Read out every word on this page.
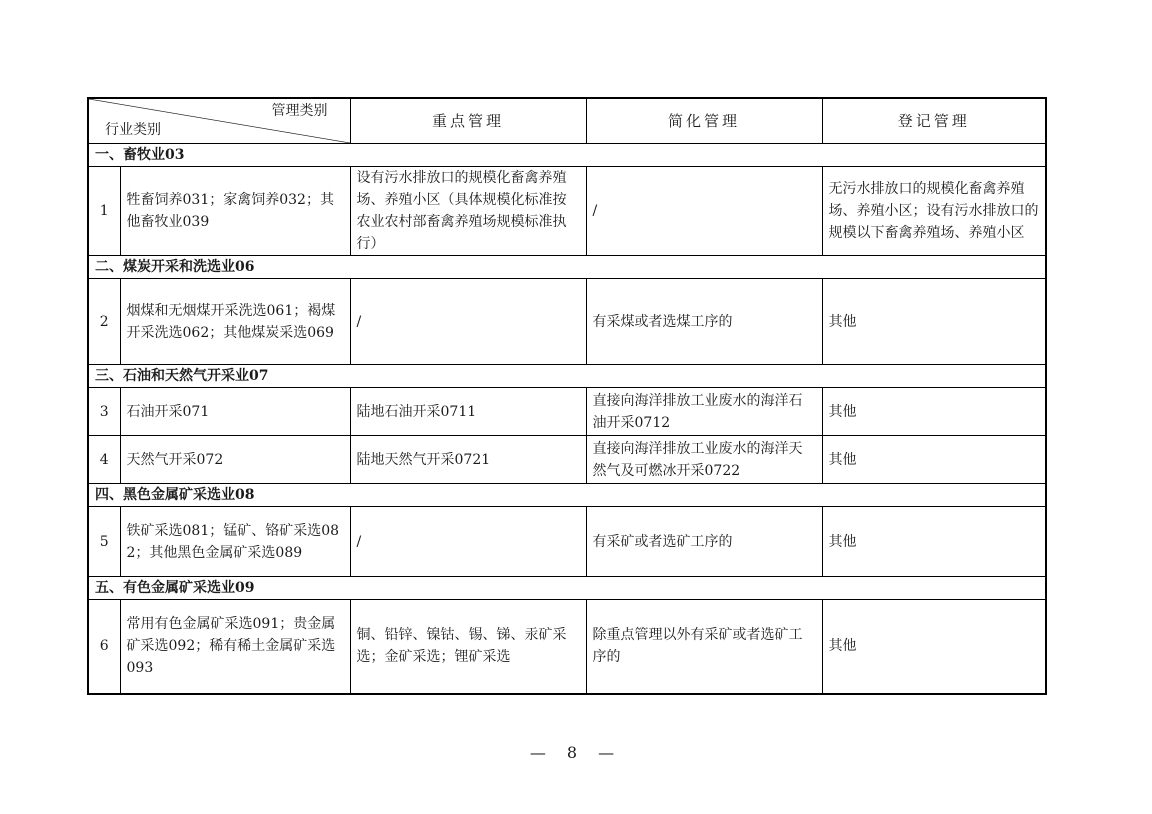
管理类别
行业类别		重点管理	简化管理	登记管理
一、畜牧业03				
1	牲畜饲养031；家禽饲养032；其他畜牧业039	设有污水排放口的规模化畜禽养殖场、养殖小区（具体规模化标准按农业农村部畜禽养殖场规模标准执行）	/	无污水排放口的规模化畜禽养殖场、养殖小区；设有污水排放口的规模以下畜禽养殖场、养殖小区
二、煤炭开采和洗选业06				
2	烟煤和无烟煤开采洗选061；褐煤开采洗选062；其他煤炭采选069	/	有采煤或者选煤工序的	其他
三、石油和天然气开采业07				
3	石油开采071	陆地石油开采0711	直接向海洋排放工业废水的海洋石油开采0712	其他
4	天然气开采072	陆地天然气开采0721	直接向海洋排放工业废水的海洋天然气及可燃冰开采0722	其他
四、黑色金属矿采选业08				
5	铁矿采选081；锰矿、铬矿采选082；其他黑色金属矿采选089	/	有采矿或者选矿工序的	其他
五、有色金属矿采选业09				
6	常用有色金属矿采选091；贵金属矿采选092；稀有稀土金属矿采选093	铜、铅锌、镍钴、锡、锑、汞矿采选；金矿采选；锂矿采选	除重点管理以外有采矿或者选矿工序的	其他
— 8 —
